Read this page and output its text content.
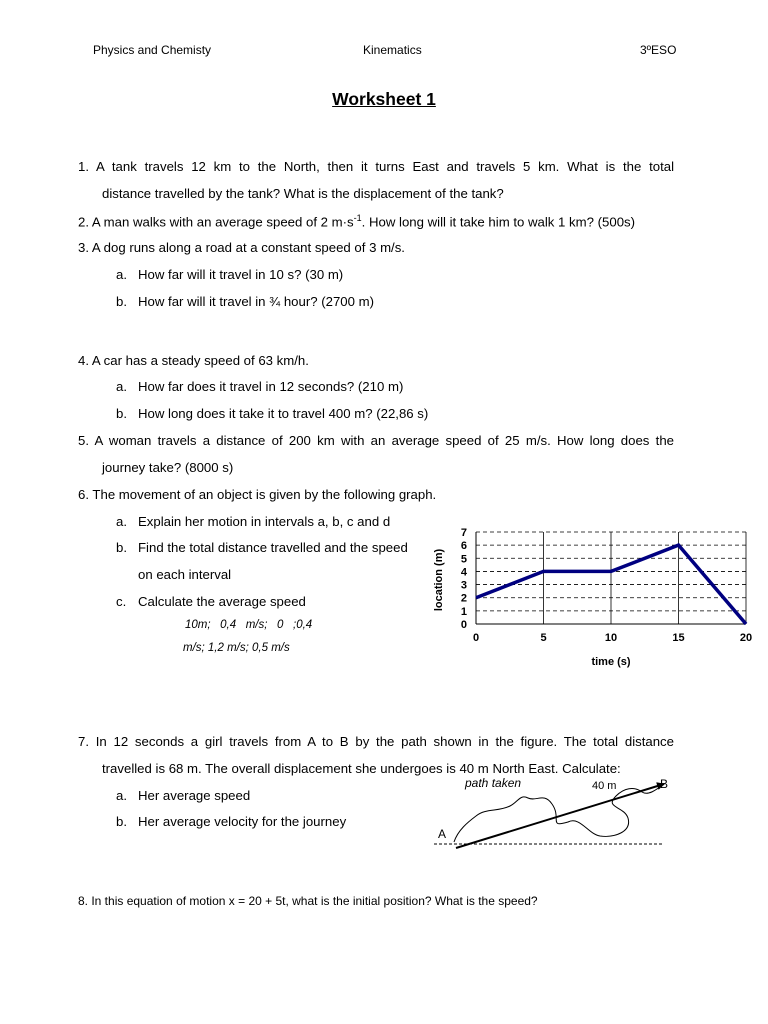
Physics and Chemisty	Kinematics	3ºESO
Worksheet 1
1. A tank travels 12 km to the North, then it turns East and travels 5 km. What is the total
distance travelled by the tank? What is the displacement of the tank?
2. A man walks with an average speed of 2 $m\cdot s^{-1}$. How long will it take him to walk 1 km? (500s)
3. A dog runs along a road at a constant speed of 3 m/s.
a. How far will it travel in 10 s? (30 m)
b. How far will it travel in ¾ hour? (2700 m)
4. A car has a steady speed of 63 km/h.
a. How far does it travel in 12 seconds? (210 m)
b. How long does it take it to travel 400 m? (22,86 s)
5. A woman travels a distance of 200 km with an average speed of 25 m/s. How long does the
journey take? (8000 s)
6. The movement of an object is given by the following graph.
a. Explain her motion in intervals a, b, c and d
b. Find the total distance travelled and the speed
on each interval
c. Calculate the average speed
10m;   0,4   m/s;   0   ;0,4
m/s; 1,2 m/s; 0,5 m/s
0
1
2
3
4
5
6
7
0	5	10	15	20
time (s)
location (m)
7. In 12 seconds a girl travels from A to B by the path shown in the figure. The total distance
travelled is 68 m. The overall displacement she undergoes is 40 m North East. Calculate:
a. Her average speed
b. Her average velocity for the journey
path taken	40 m
A
B
8. In this equation of motion x = 20 + 5t, what is the initial position? What is the speed?
